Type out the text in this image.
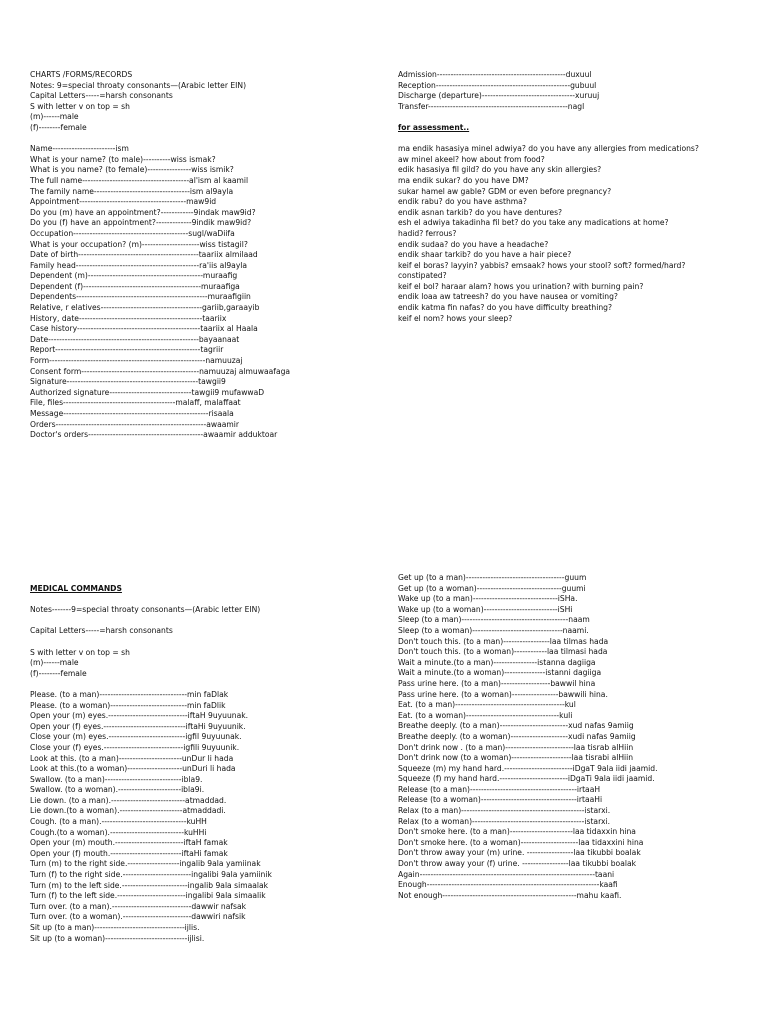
CHARTS /FORMS/RECORDS
Notes: 9=special throaty consonants—(Arabic letter EIN)
Capital Letters-----=harsh consonants
S with letter v on top = sh
(m)------male
(f)--------female
Name-----------------------ism
What is your name? (to male)----------wiss ismak?
What is you name? (to female)----------------wiss ismik?
The full name---------------------------------------al'ism al kaamil
The family name-----------------------------------ism al9ayla
Appointment---------------------------------------maw9id
Do you (m) have an appointment?------------9indak maw9id?
Do you (f) have an appointment?-------------9indik maw9id?
Occupation------------------------------------------sugl/waDiifa
What is your occupation? (m)---------------------wiss tistagil?
Date of birth--------------------------------------------taariix almilaad
Family head---------------------------------------------ra'iis al9ayla
Dependent (m)------------------------------------------muraafig
Dependent (f)-------------------------------------------muraafiga
Dependents------------------------------------------------muraafigiin
Relative, r elatives-------------------------------------gariib,garaayib
History, date---------------------------------------------taariix
Case history---------------------------------------------taariix al Haala
Date-------------------------------------------------------bayaanaat
Report-----------------------------------------------------tagriir
Form---------------------------------------------------------namuuzaj
Consent form-------------------------------------------namuuzaj almuwaafaga
Signature------------------------------------------------tawgii9
Authorized signature------------------------------tawgii9 mufawwaD
File, files-----------------------------------------malaff, malaffaat
Message-----------------------------------------------------risaala
Orders-------------------------------------------------------awaamir
Doctor's orders------------------------------------------awaamir adduktoar
Admission-----------------------------------------------duxuul
Reception-------------------------------------------------gubuul
Discharge (departure)----------------------------------xuruuj
Transfer---------------------------------------------------nagl
for assessment..
ma endik hasasiya minel adwiya? do you have any allergies from medications?
aw minel akeel? how about from food?
edik hasasiya fil gild? do you have any skin allergies?
ma endik sukar? do you have DM?
sukar hamel aw gable? GDM or even before pregnancy?
endik rabu? do you have asthma?
endik asnan tarkib? do you have dentures?
esh el adwiya takadinha fil bet? do you take any madications at home?
hadid? ferrous?
endik sudaa? do you have a headache?
endik shaar tarkib? do you have a hair piece?
keif el boras? layyin? yabbis? emsaak? hows your stool? soft? formed/hard?
constipated?
keif el bol? haraar alam? hows you urination? with burning pain?
endik loaa aw tatreesh? do you have nausea or vomiting?
endik katma fin nafas? do you have difficulty breathing?
keif el nom? hows your sleep?
MEDICAL COMMANDS
Notes-------9=special throaty consonants—(Arabic letter EIN)
Capital Letters-----=harsh consonants
S with letter v on top = sh
(m)------male
(f)--------female
Please. (to a man)--------------------------------min faDlak
Please. (to a woman)----------------------------min faDlik
Open your (m) eyes.-----------------------------iftaH 9uyuunak.
Open your (f) eyes.------------------------------iftaHi 9uyuunik.
Close your (m) eyes.----------------------------igfil 9uyuunak.
Close your (f) eyes.-----------------------------igfili 9uyuunik.
Look at this. (to a man)-----------------------unDur li hada
Look at this.(to a woman)--------------------unDuri li hada
Swallow. (to a man)----------------------------ibla9.
Swallow. (to a woman).-----------------------ibla9i.
Lie down. (to a man).---------------------------atmaddad.
Lie down.(to a woman).-----------------------atmaddadi.
Cough. (to a man).-------------------------------kuHH
Cough.(to a woman).---------------------------kuHHi
Open your (m) mouth.-------------------------iftaH famak
Open your (f) mouth.--------------------------iftaHi famak
Turn (m) to the right side.-------------------ingalib 9ala yamiinak
Turn (f) to the right side.-------------------------ingalibi 9ala yamiinik
Turn (m) to the left side.------------------------ingalib 9ala simaalak
Turn (f) to the left side.-------------------------ingalibi 9ala simaalik
Turn over. (to a man).-----------------------------dawwir nafsak
Turn over. (to a woman).-------------------------dawwiri nafsik
Sit up (to a man)---------------------------------ijlis.
Sit up (to a woman)------------------------------ijlisi.
Get up (to a man)------------------------------------guum
Get up (to a woman)-------------------------------guumi
Wake up (to a man)-------------------------------iSHa.
Wake up (to a woman)---------------------------iSHi
Sleep (to a man)---------------------------------------naam
Sleep (to a woman)---------------------------------naami.
Don't touch this. (to a man)-----------------laa tilmas hada
Don't touch this. (to a woman)------------laa tilmasi hada
Wait a minute.(to a man)----------------istanna dagiiga
Wait a minute.(to a woman)---------------istanni dagiiga
Pass urine here. (to a man)------------------bawwil hina
Pass urine here. (to a woman)-----------------bawwili hina.
Eat. (to a man)----------------------------------------kul
Eat. (to a woman)----------------------------------kuli
Breathe deeply. (to a man)-------------------------xud nafas 9amiig
Breathe deeply. (to a woman)---------------------xudi nafas 9amiig
Don't drink now . (to a man)-------------------------laa tisrab alHiin
Don't drink now (to a woman)----------------------laa tisrabi alHiin
Squeeze (m) my hand hard.-------------------------iDgaT 9ala iidi jaamid.
Squeeze (f) my hand hard.-------------------------iDgaTi 9ala iidi jaamid.
Release (to a man)---------------------------------------irtaaH
Release (to a woman)-----------------------------------irtaaHi
Relax (to a man)---------------------------------------------istarxi.
Relax (to a woman)-----------------------------------------istarxi.
Don't smoke here. (to a man)-----------------------laa tidaxxin hina
Don't smoke here. (to a woman)---------------------laa tidaxxini hina
Don't throw away your (m) urine. -----------------laa tikubbi boalak
Don't throw away your (f) urine. -----------------laa tikubbi boalak
Again----------------------------------------------------------------taani
Enough---------------------------------------------------------------kaafi
Not enough-------------------------------------------------mahu kaafi.
